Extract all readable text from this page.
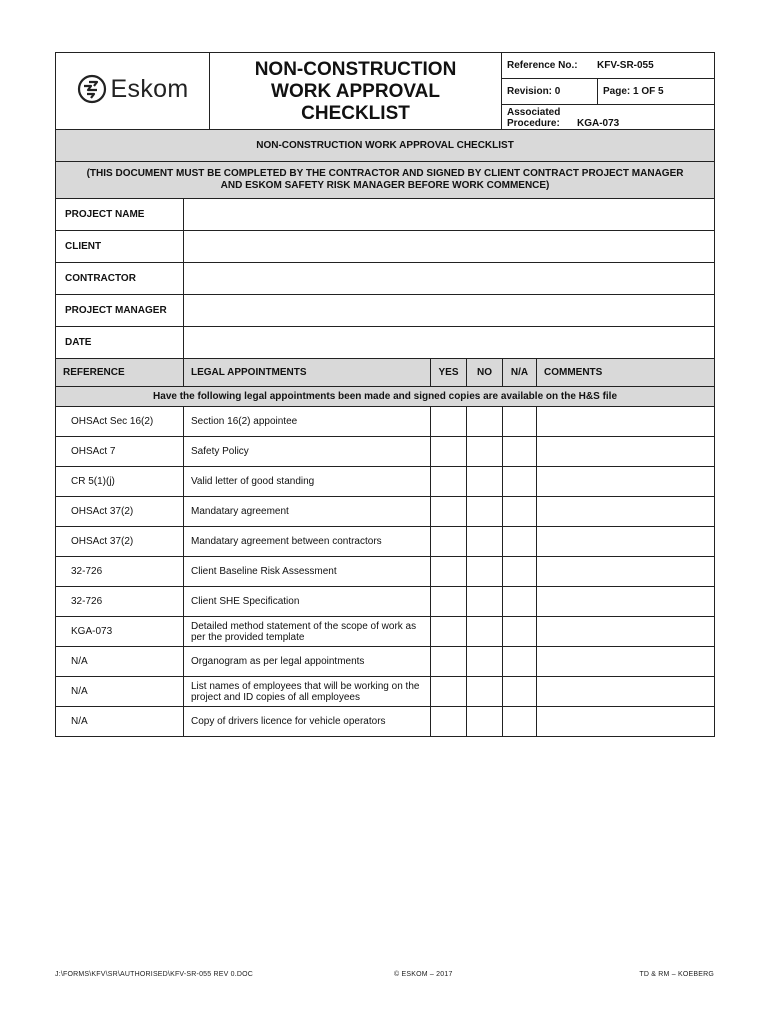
Eskom	NON-CONSTRUCTION
WORK APPROVAL
CHECKLIST	Reference No.: KFV-SR-055	
		Revision: 0	Page: 1 OF 5

		Associated
Procedure: KGA-073	
NON-CONSTRUCTION WORK APPROVAL CHECKLIST					
(THIS DOCUMENT MUST BE COMPLETED BY THE CONTRACTOR AND SIGNED BY CLIENT CONTRACT PROJECT MANAGER AND ESKOM SAFETY RISK MANAGER BEFORE WORK COMMENCE)					
PROJECT NAME					
CLIENT					
CONTRACTOR					
PROJECT MANAGER					
DATE					
REFERENCE	LEGAL APPOINTMENTS	YES	NO	N/A	COMMENTS
Have the following legal appointments been made and signed copies are available on the H&S file					
OHSAct Sec 16(2)	Section 16(2) appointee				
OHSAct 7	Safety Policy				
CR 5(1)(j)	Valid letter of good standing				
OHSAct 37(2)	Mandatary agreement				
OHSAct 37(2)	Mandatary agreement between contractors				
32-726	Client Baseline Risk Assessment				
32-726	Client SHE Specification				
KGA-073	Detailed method statement of the scope of work as per the provided template				
N/A	Organogram as per legal appointments				
N/A	List names of employees that will be working on the project and ID copies of all employees				
N/A	Copy of drivers licence for vehicle operators				
J:\FORMS\KFV\SR\AUTHORISED\KFV-SR-055 REV 0.DOC	© ESKOM – 2017	TD & RM – KOEBERG
